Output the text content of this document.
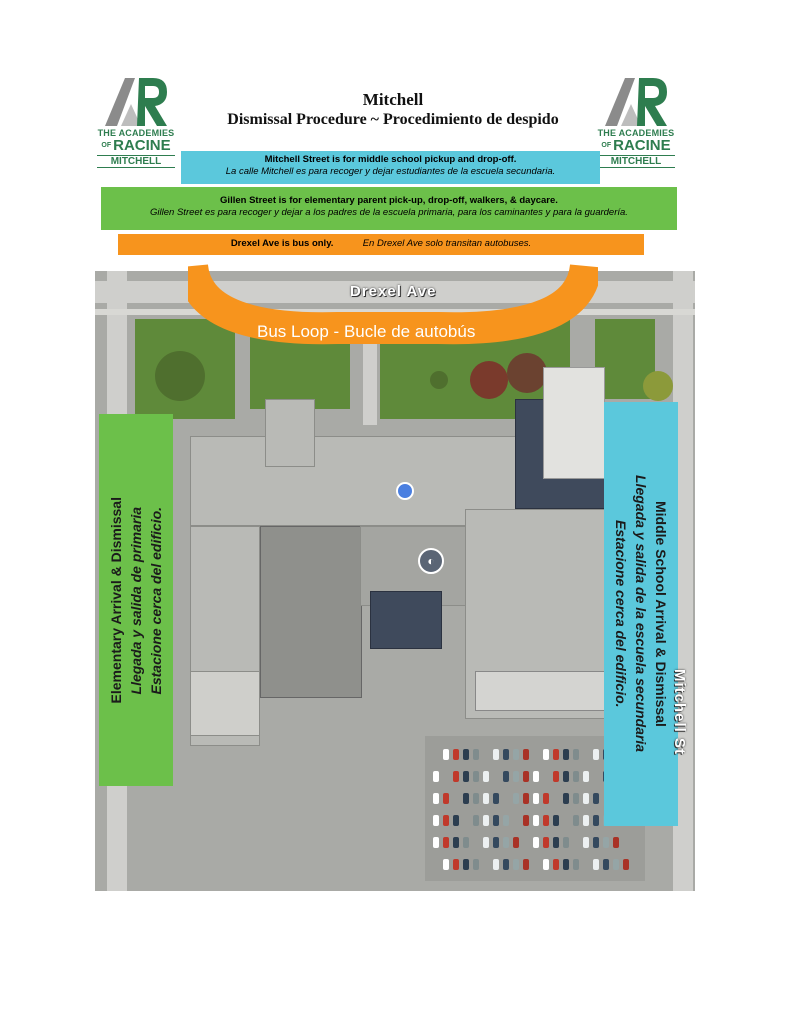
THE ACADEMIES
OF RACINE
MITCHELL
THE ACADEMIES
OF RACINE
MITCHELL
Mitchell
Dismissal Procedure ~ Procedimiento de despido
Mitchell Street is for middle school pickup and drop-off.
La calle Mitchell es para recoger y dejar estudiantes de la escuela secundaria.
Gillen Street is for elementary parent pick-up, drop-off, walkers, & daycare.
Gillen Street es para recoger y dejar a los padres de la escuela primaria, para los caminantes y para la guardería.
Drexel Ave is bus only.	En Drexel Ave solo transitan autobuses.
◐
Drexel Ave
Mitchell St
Bus Loop - Bucle de autobús
Elementary Arrival & Dismissal Llegada y salida de primaria Estacione cerca del edificio.	Middle School Arrival & Dismissal
Llegada y salida de la escuela secundaria
Estacione cerca del edificio.
